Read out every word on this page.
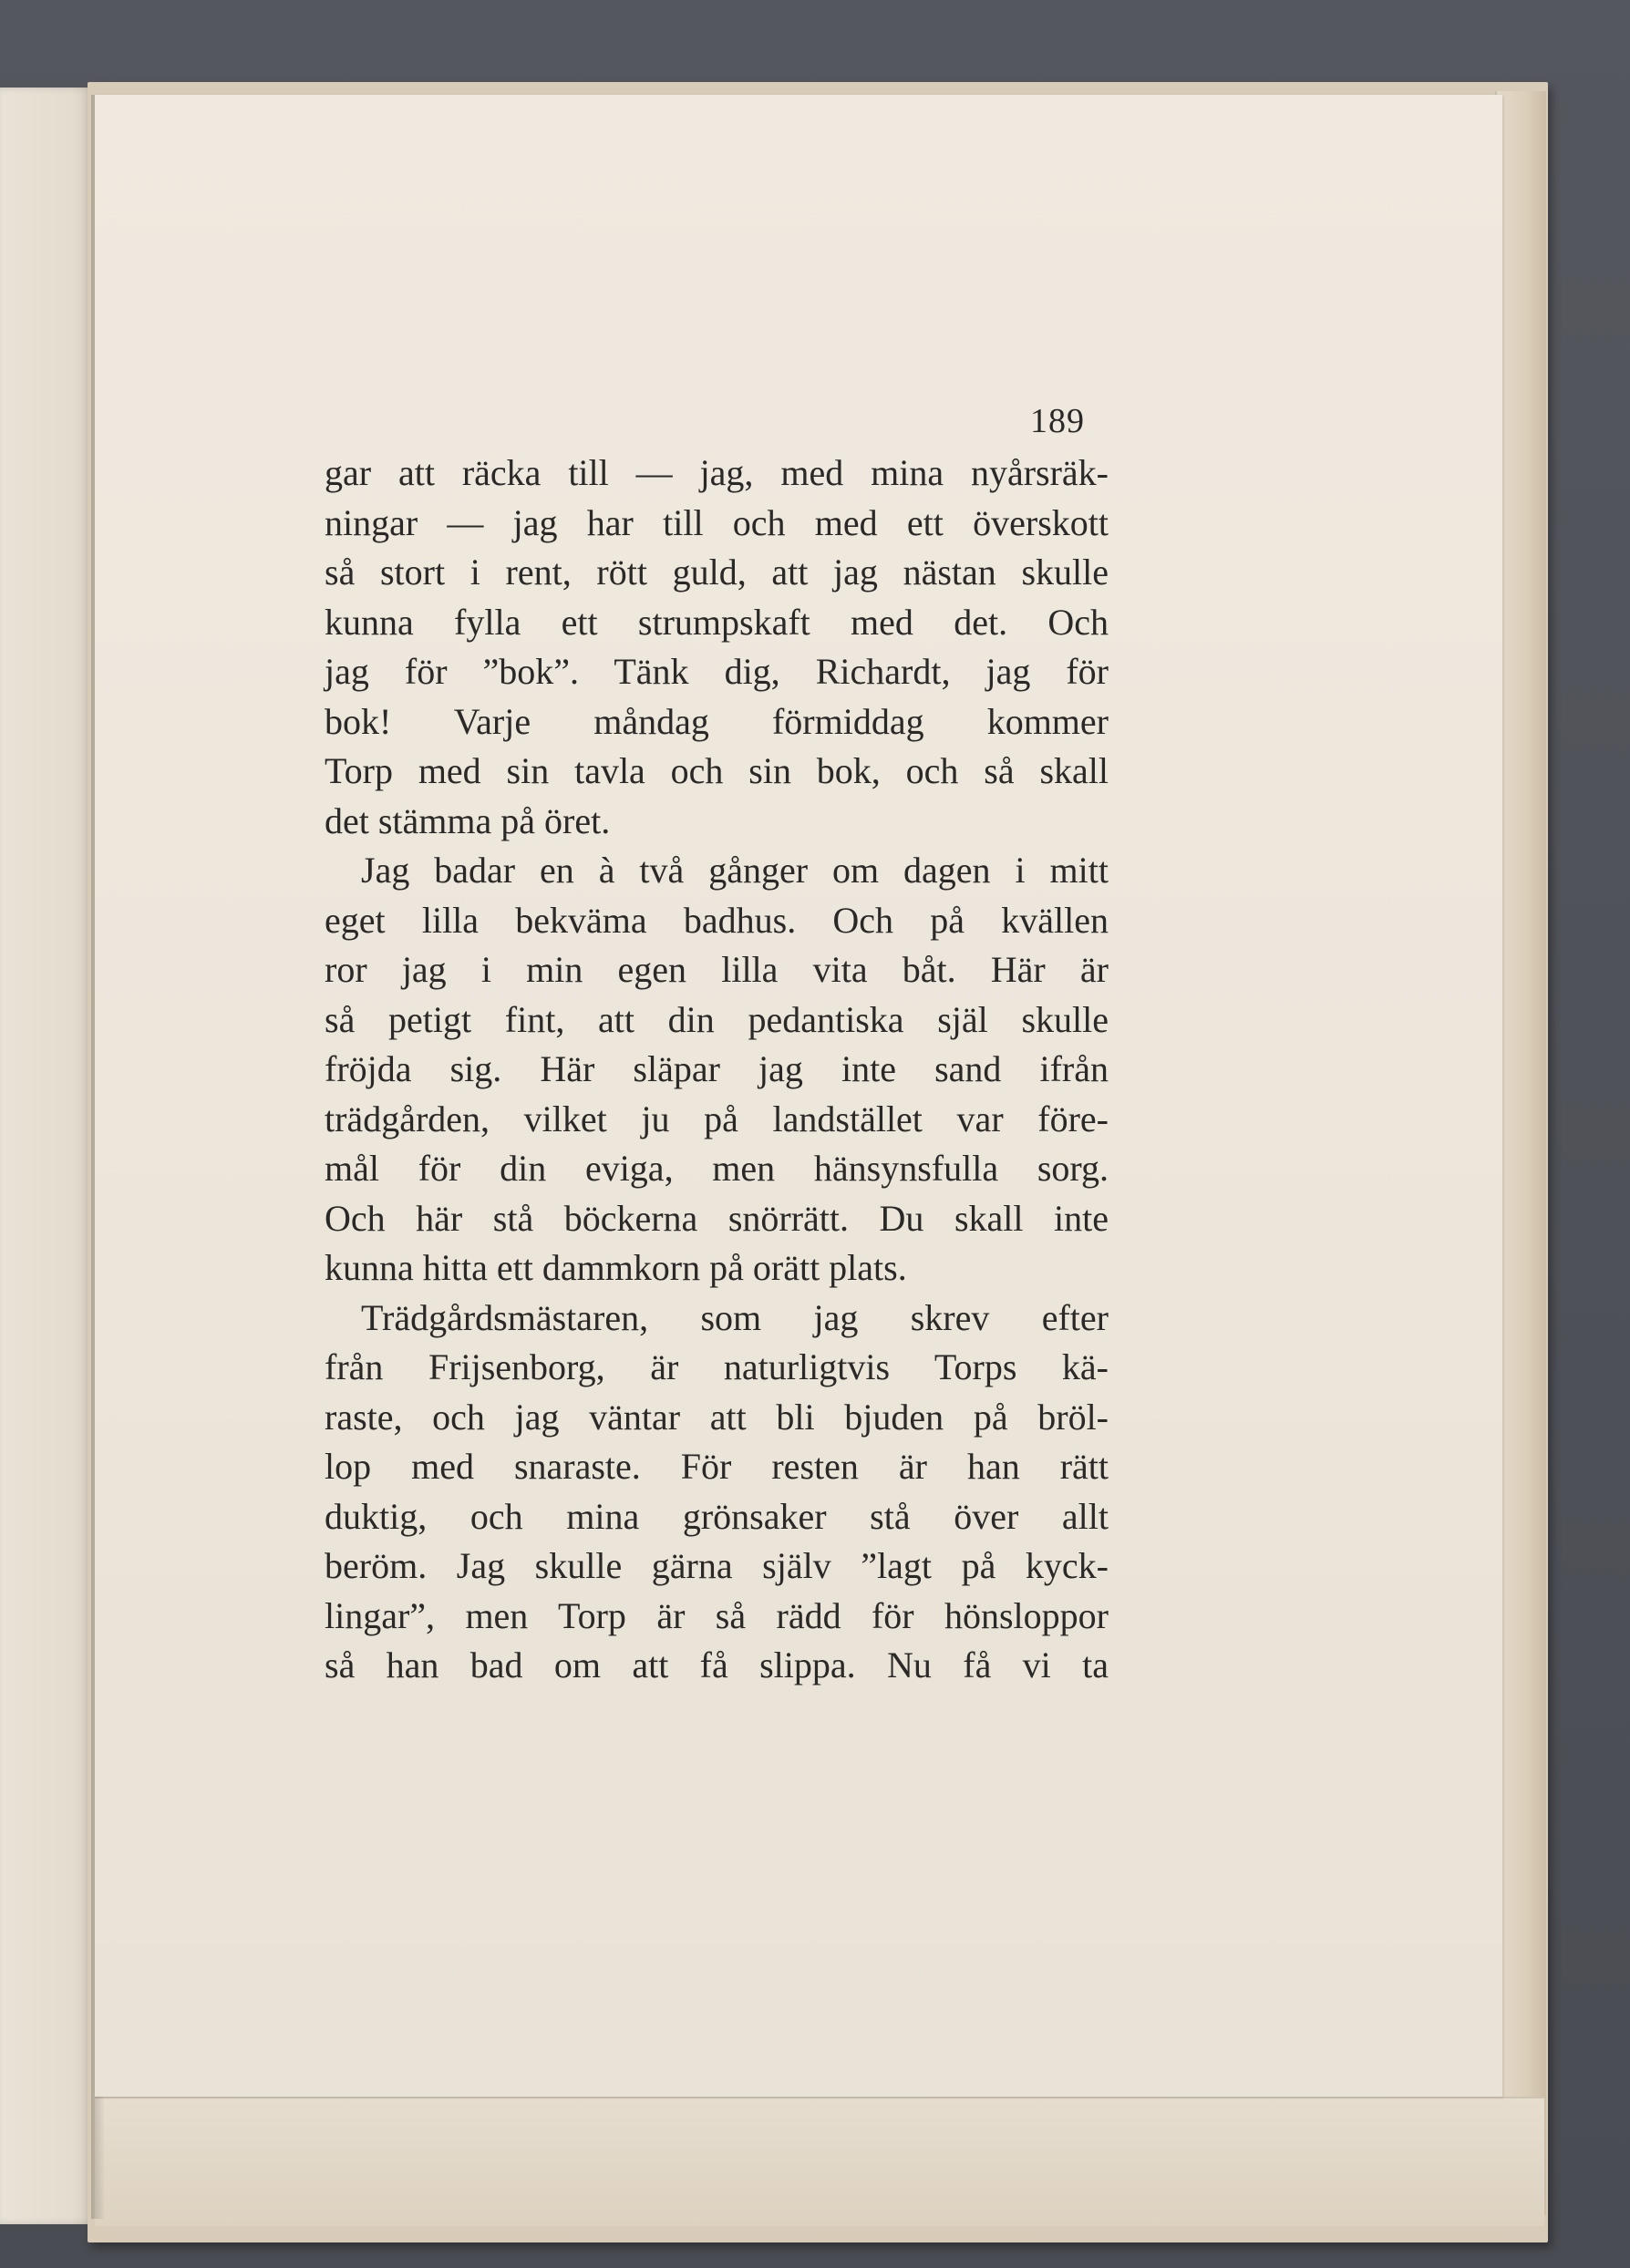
189
gar att räcka till — jag, med mina nyårsräk-
ningar — jag har till och med ett överskott
så stort i rent, rött guld, att jag nästan skulle
kunna fylla ett strumpskaft med det. Och
jag för ”bok”. Tänk dig, Richardt, jag för
bok! Varje måndag förmiddag kommer
Torp med sin tavla och sin bok, och så skall
det stämma på öret.
Jag badar en à två gånger om dagen i mitt
eget lilla bekväma badhus. Och på kvällen
ror jag i min egen lilla vita båt. Här är
så petigt fint, att din pedantiska själ skulle
fröjda sig. Här släpar jag inte sand ifrån
trädgården, vilket ju på landstället var före-
mål för din eviga, men hänsynsfulla sorg.
Och här stå böckerna snörrätt. Du skall inte
kunna hitta ett dammkorn på orätt plats.
Trädgårdsmästaren, som jag skrev efter
från Frijsenborg, är naturligtvis Torps kä-
raste, och jag väntar att bli bjuden på bröl-
lop med snaraste. För resten är han rätt
duktig, och mina grönsaker stå över allt
beröm. Jag skulle gärna själv ”lagt på kyck-
lingar”, men Torp är så rädd för hönsloppor
så han bad om att få slippa. Nu få vi ta
